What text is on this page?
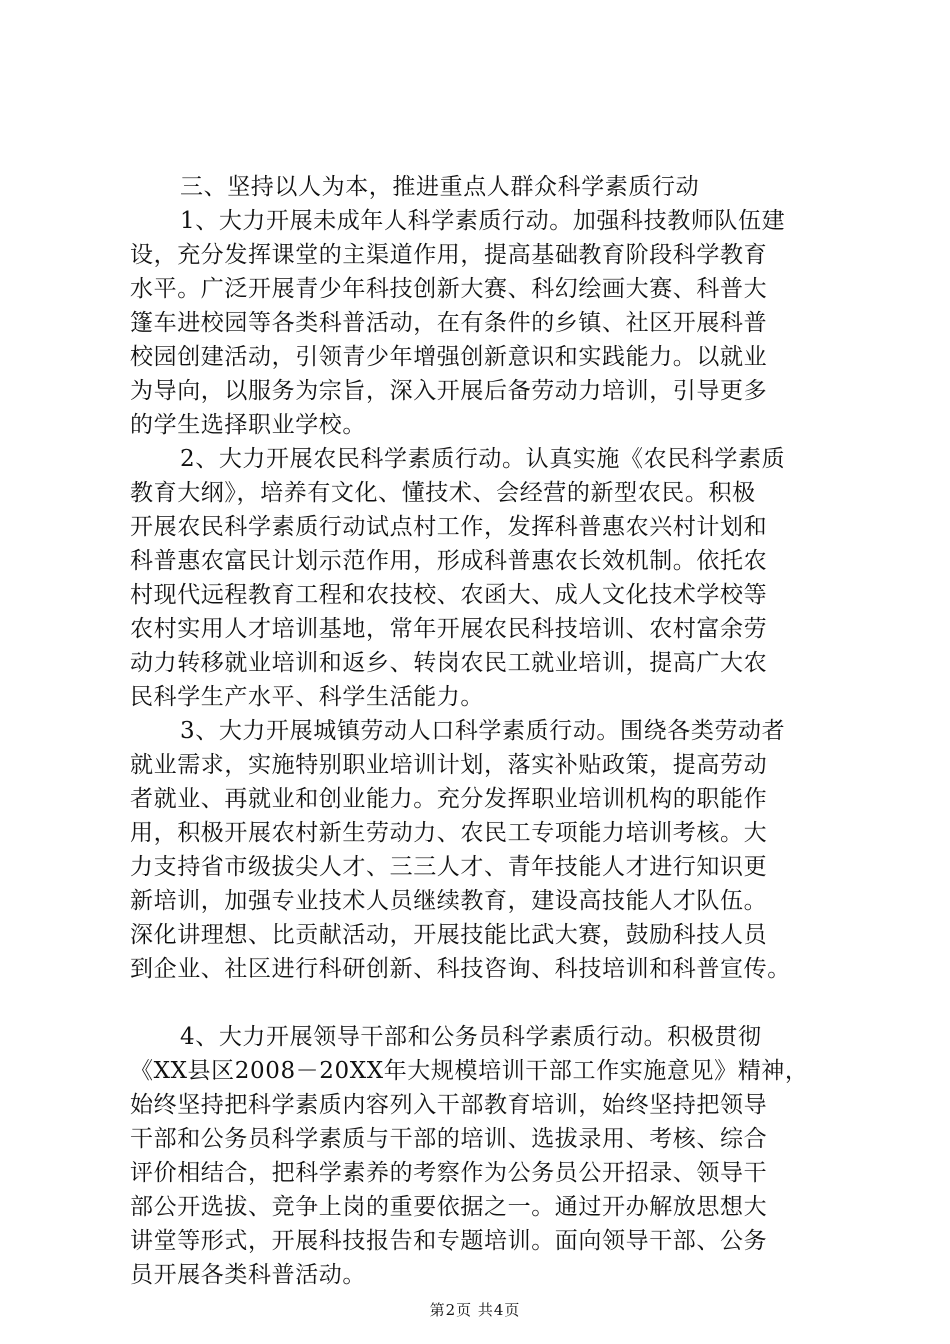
三、坚持以人为本，推进重点人群众科学素质行动
1、大力开展未成年人科学素质行动。加强科技教师队伍建
设，充分发挥课堂的主渠道作用，提高基础教育阶段科学教育
水平。广泛开展青少年科技创新大赛、科幻绘画大赛、科普大
篷车进校园等各类科普活动，在有条件的乡镇、社区开展科普
校园创建活动，引领青少年增强创新意识和实践能力。以就业
为导向，以服务为宗旨，深入开展后备劳动力培训，引导更多
的学生选择职业学校。
2、大力开展农民科学素质行动。认真实施《农民科学素质
教育大纲》，培养有文化、懂技术、会经营的新型农民。积极
开展农民科学素质行动试点村工作，发挥科普惠农兴村计划和
科普惠农富民计划示范作用，形成科普惠农长效机制。依托农
村现代远程教育工程和农技校、农函大、成人文化技术学校等
农村实用人才培训基地，常年开展农民科技培训、农村富余劳
动力转移就业培训和返乡、转岗农民工就业培训，提高广大农
民科学生产水平、科学生活能力。
3、大力开展城镇劳动人口科学素质行动。围绕各类劳动者
就业需求，实施特别职业培训计划，落实补贴政策，提高劳动
者就业、再就业和创业能力。充分发挥职业培训机构的职能作
用，积极开展农村新生劳动力、农民工专项能力培训考核。大
力支持省市级拔尖人才、三三人才、青年技能人才进行知识更
新培训，加强专业技术人员继续教育，建设高技能人才队伍。
深化讲理想、比贡献活动，开展技能比武大赛，鼓励科技人员
到企业、社区进行科研创新、科技咨询、科技培训和科普宣传。
4、大力开展领导干部和公务员科学素质行动。积极贯彻
《XX县区2008－20XX年大规模培训干部工作实施意见》精神，
始终坚持把科学素质内容列入干部教育培训，始终坚持把领导
干部和公务员科学素质与干部的培训、选拔录用、考核、综合
评价相结合，把科学素养的考察作为公务员公开招录、领导干
部公开选拔、竞争上岗的重要依据之一。通过开办解放思想大
讲堂等形式，开展科技报告和专题培训。面向领导干部、公务
员开展各类科普活动。
第2页 共4页
